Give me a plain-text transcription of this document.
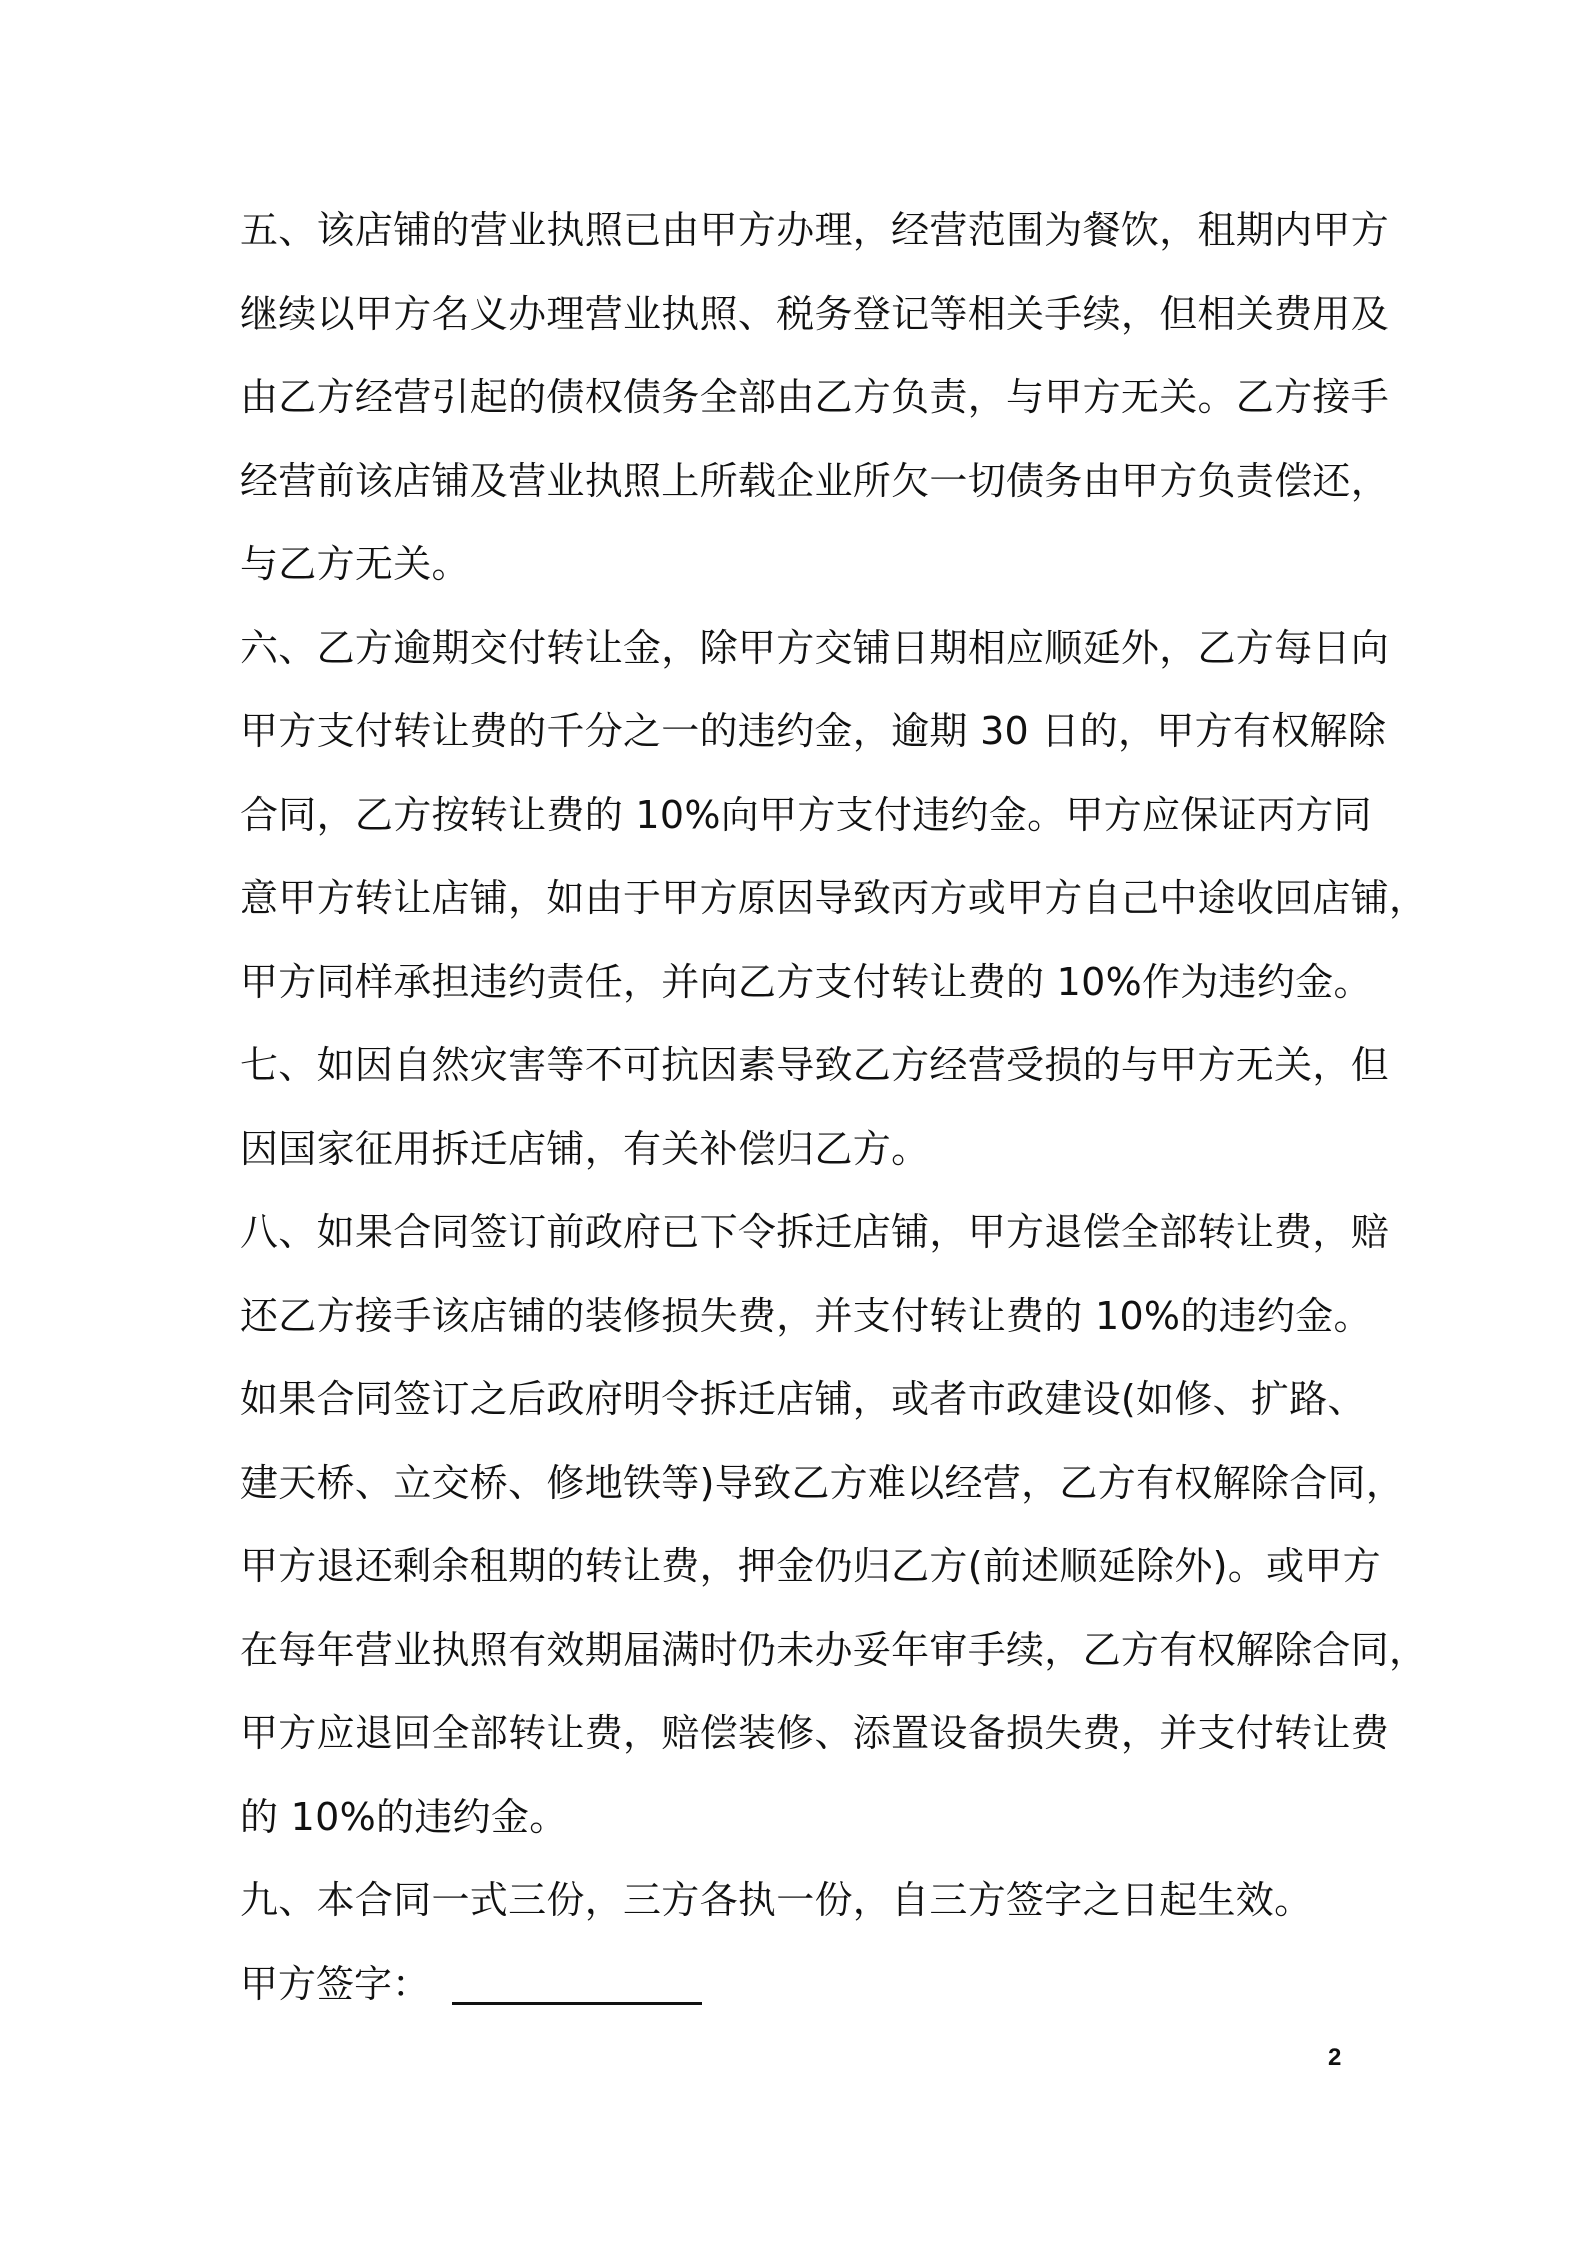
五、该店铺的营业执照已由甲方办理，经营范围为餐饮，租期内甲方
继续以甲方名义办理营业执照、税务登记等相关手续，但相关费用及
由乙方经营引起的债权债务全部由乙方负责，与甲方无关。乙方接手
经营前该店铺及营业执照上所载企业所欠一切债务由甲方负责偿还，
与乙方无关。
六、乙方逾期交付转让金，除甲方交铺日期相应顺延外，乙方每日向
甲方支付转让费的千分之一的违约金，逾期 30 日的，甲方有权解除
合同，乙方按转让费的 10%向甲方支付违约金。甲方应保证丙方同
意甲方转让店铺，如由于甲方原因导致丙方或甲方自己中途收回店铺，
甲方同样承担违约责任，并向乙方支付转让费的 10%作为违约金。
七、如因自然灾害等不可抗因素导致乙方经营受损的与甲方无关，但
因国家征用拆迁店铺，有关补偿归乙方。
八、如果合同签订前政府已下令拆迁店铺，甲方退偿全部转让费，赔
还乙方接手该店铺的装修损失费，并支付转让费的 10%的违约金。
如果合同签订之后政府明令拆迁店铺，或者市政建设(如修、扩路、
建天桥、立交桥、修地铁等)导致乙方难以经营，乙方有权解除合同，
甲方退还剩余租期的转让费，押金仍归乙方(前述顺延除外)。或甲方
在每年营业执照有效期届满时仍未办妥年审手续，乙方有权解除合同，
甲方应退回全部转让费，赔偿装修、添置设备损失费，并支付转让费
的 10%的违约金。
九、本合同一式三份，三方各执一份，自三方签字之日起生效。
甲方签字：
2
